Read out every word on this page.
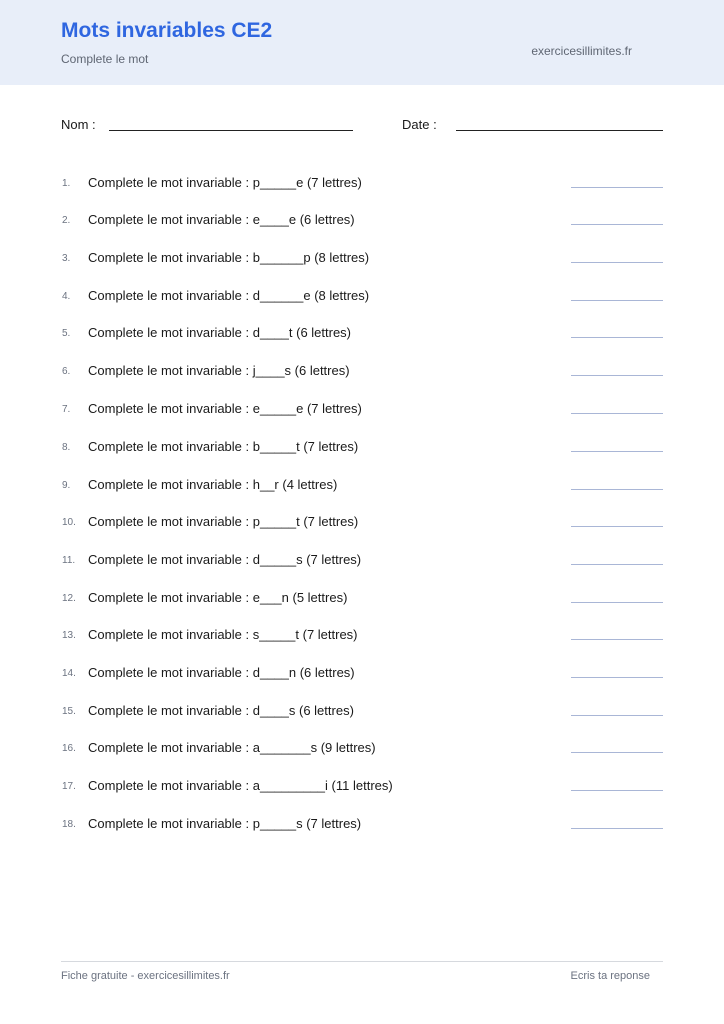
Mots invariables CE2
Complete le mot
exercicesillimites.fr
Nom :	Date :
1. Complete le mot invariable : p_____e (7 lettres)
2. Complete le mot invariable : e____e (6 lettres)
3. Complete le mot invariable : b______p (8 lettres)
4. Complete le mot invariable : d______e (8 lettres)
5. Complete le mot invariable : d____t (6 lettres)
6. Complete le mot invariable : j____s (6 lettres)
7. Complete le mot invariable : e_____e (7 lettres)
8. Complete le mot invariable : b_____t (7 lettres)
9. Complete le mot invariable : h__r (4 lettres)
10. Complete le mot invariable : p_____t (7 lettres)
11. Complete le mot invariable : d_____s (7 lettres)
12. Complete le mot invariable : e___n (5 lettres)
13. Complete le mot invariable : s_____t (7 lettres)
14. Complete le mot invariable : d____n (6 lettres)
15. Complete le mot invariable : d____s (6 lettres)
16. Complete le mot invariable : a_______s (9 lettres)
17. Complete le mot invariable : a_________i (11 lettres)
18. Complete le mot invariable : p_____s (7 lettres)
Fiche gratuite - exercicesillimites.fr	Ecris ta reponse
